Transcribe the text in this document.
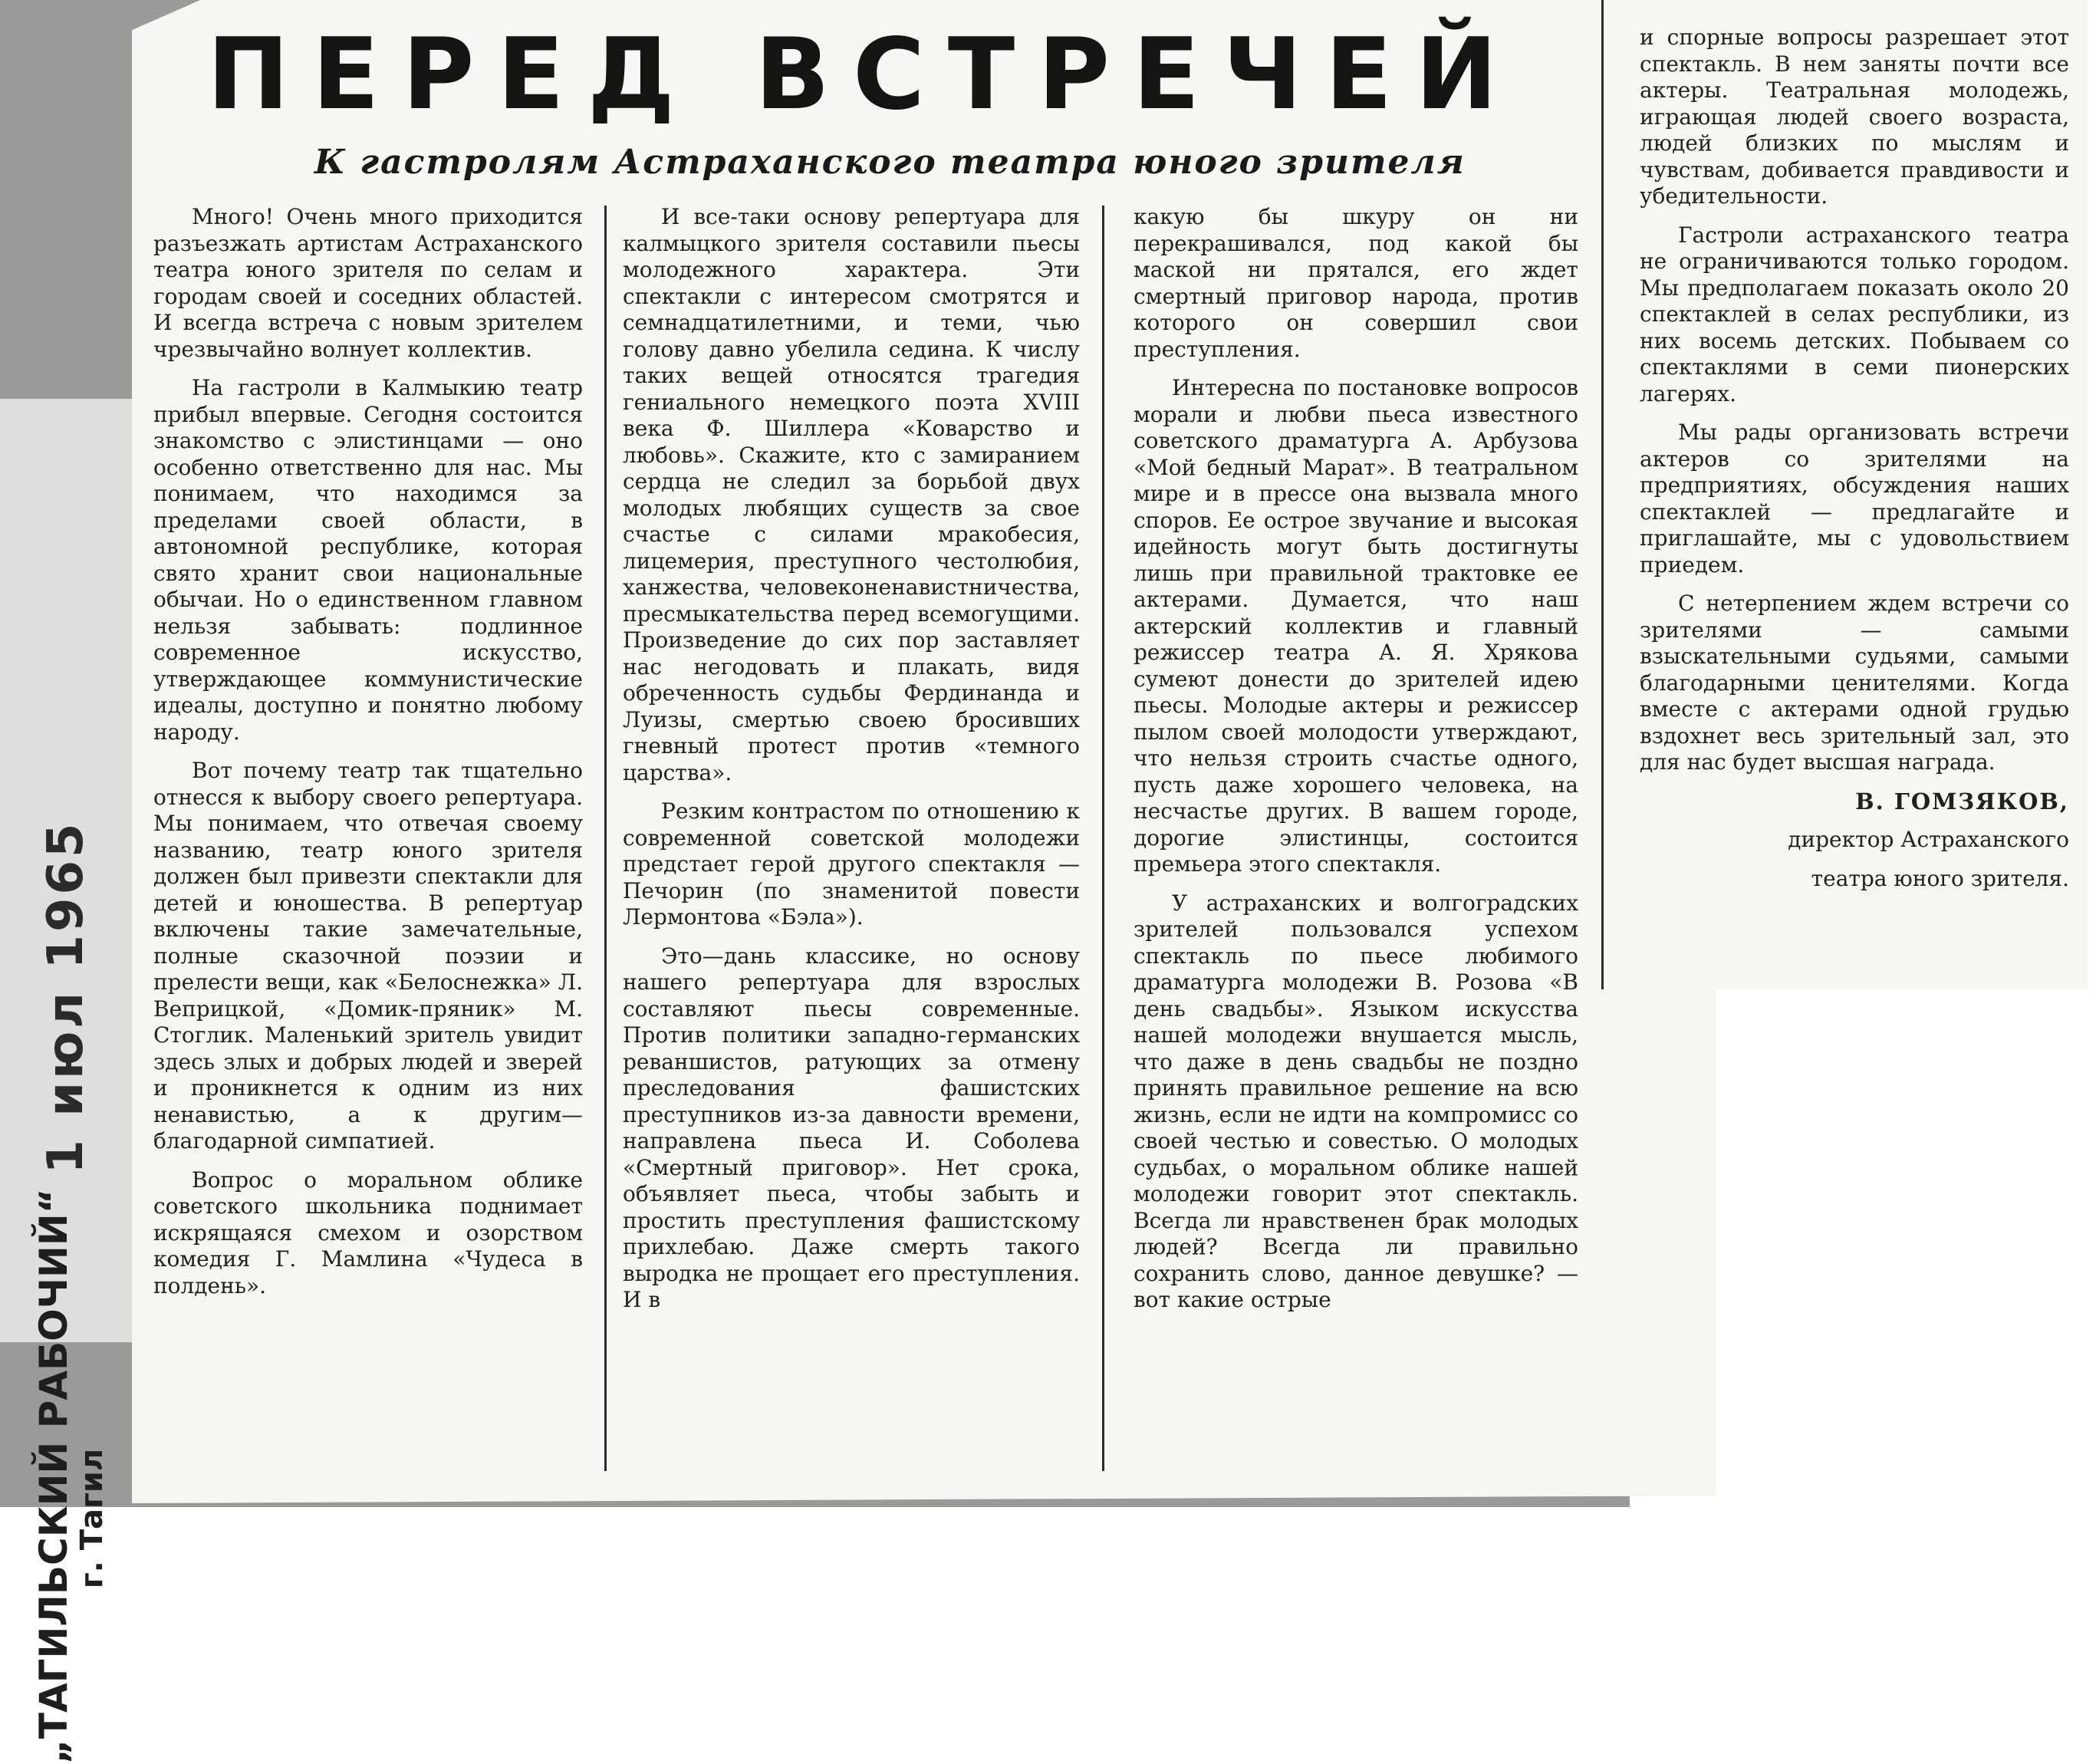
1 июл 1965
„ТАГИЛЬСКИЙ РАБОЧИЙ“
г. Тагил
ПЕРЕД ВСТРЕЧЕЙ
К гастролям Астраханского театра юного зрителя

Много! Очень много приходится разъезжать артистам Астраханского театра юного зрителя по селам и городам своей и соседних областей. И всегда встреча с новым зрителем чрезвычайно волнует коллектив.

На гастроли в Калмыкию театр прибыл впервые. Сегодня состоится знакомство с элистинцами — оно особенно ответственно для нас. Мы понимаем, что находимся за пределами своей области, в автономной республике, которая свято хранит свои национальные обычаи. Но о единственном главном нельзя забывать: подлинное современное искусство, утверждающее коммунистические идеалы, доступно и понятно любому народу.

Вот почему театр так тщательно отнесся к выбору своего репертуара. Мы понимаем, что отвечая своему названию, театр юного зрителя должен был привезти спектакли для детей и юношества. В репертуар включены такие замечательные, полные сказочной поэзии и прелести вещи, как «Белоснежка» Л. Веприцкой, «Домик-пряник» М. Стоглик. Маленький зритель увидит здесь злых и добрых людей и зверей и проникнется к одним из них ненавистью, а к другим—благодарной симпатией.

Вопрос о моральном облике советского школьника поднимает искрящаяся смехом и озорством комедия Г. Мамлина «Чудеса в полдень».

И все-таки основу репертуара для калмыцкого зрителя составили пьесы молодежного характера. Эти спектакли с интересом смотрятся и семнадцатилетними, и теми, чью голову давно убелила седина. К числу таких вещей относятся трагедия гениального немецкого поэта XVIII века Ф. Шиллера «Коварство и любовь». Скажите, кто с замиранием сердца не следил за борьбой двух молодых любящих существ за свое счастье с силами мракобесия, лицемерия, преступного честолюбия, ханжества, человеконенавистничества, пресмыкательства перед всемогущими. Произведение до сих пор заставляет нас негодовать и плакать, видя обреченность судьбы Фердинанда и Луизы, смертью своею бросивших гневный протест против «темного царства».

Резким контрастом по отношению к современной советской молодежи предстает герой другого спектакля — Печорин (по знаменитой повести Лермонтова «Бэла»).

Это—дань классике, но основу нашего репертуара для взрослых составляют пьесы современные. Против политики западно-германских реваншистов, ратующих за отмену преследования фашистских преступников из-за давности времени, направлена пьеса И. Соболева «Смертный приговор». Нет срока, объявляет пьеса, чтобы забыть и простить преступления фашистскому прихлебаю. Даже смерть такого выродка не прощает его преступления. И в

какую бы шкуру он ни перекрашивался, под какой бы маской ни прятался, его ждет смертный приговор народа, против которого он совершил свои преступления.

Интересна по постановке вопросов морали и любви пьеса известного советского драматурга А. Арбузова «Мой бедный Марат». В театральном мире и в прессе она вызвала много споров. Ее острое звучание и высокая идейность могут быть достигнуты лишь при правильной трактовке ее актерами. Думается, что наш актерский коллектив и главный режиссер театра А. Я. Хрякова сумеют донести до зрителей идею пьесы. Молодые актеры и режиссер пылом своей молодости утверждают, что нельзя строить счастье одного, пусть даже хорошего человека, на несчастье других. В вашем городе, дорогие элистинцы, состоится премьера этого спектакля.

У астраханских и волгоградских зрителей пользовался успехом спектакль по пьесе любимого драматурга молодежи В. Розова «В день свадьбы». Языком искусства нашей молодежи внушается мысль, что даже в день свадьбы не поздно принять правильное решение на всю жизнь, если не идти на компромисс со своей честью и совестью. О молодых судьбах, о моральном облике нашей молодежи говорит этот спектакль. Всегда ли нравственен брак молодых людей? Всегда ли правильно сохранить слово, данное девушке? — вот какие острые

и спорные вопросы разрешает этот спектакль. В нем заняты почти все актеры. Театральная молодежь, играющая людей своего возраста, людей близких по мыслям и чувствам, добивается правдивости и убедительности.

Гастроли астраханского театра не ограничиваются только городом. Мы предполагаем показать около 20 спектаклей в селах республики, из них восемь детских. Побываем со спектаклями в семи пионерских лагерях.

Мы рады организовать встречи актеров со зрителями на предприятиях, обсуждения наших спектаклей — предлагайте и приглашайте, мы с удовольствием приедем.

С нетерпением ждем встречи со зрителями — самыми взыскательными судьями, самыми благодарными ценителями. Когда вместе с актерами одной грудью вздохнет весь зрительный зал, это для нас будет высшая награда.

В. ГОМЗЯКОВ,

директор Астраханского

театра юного зрителя.
